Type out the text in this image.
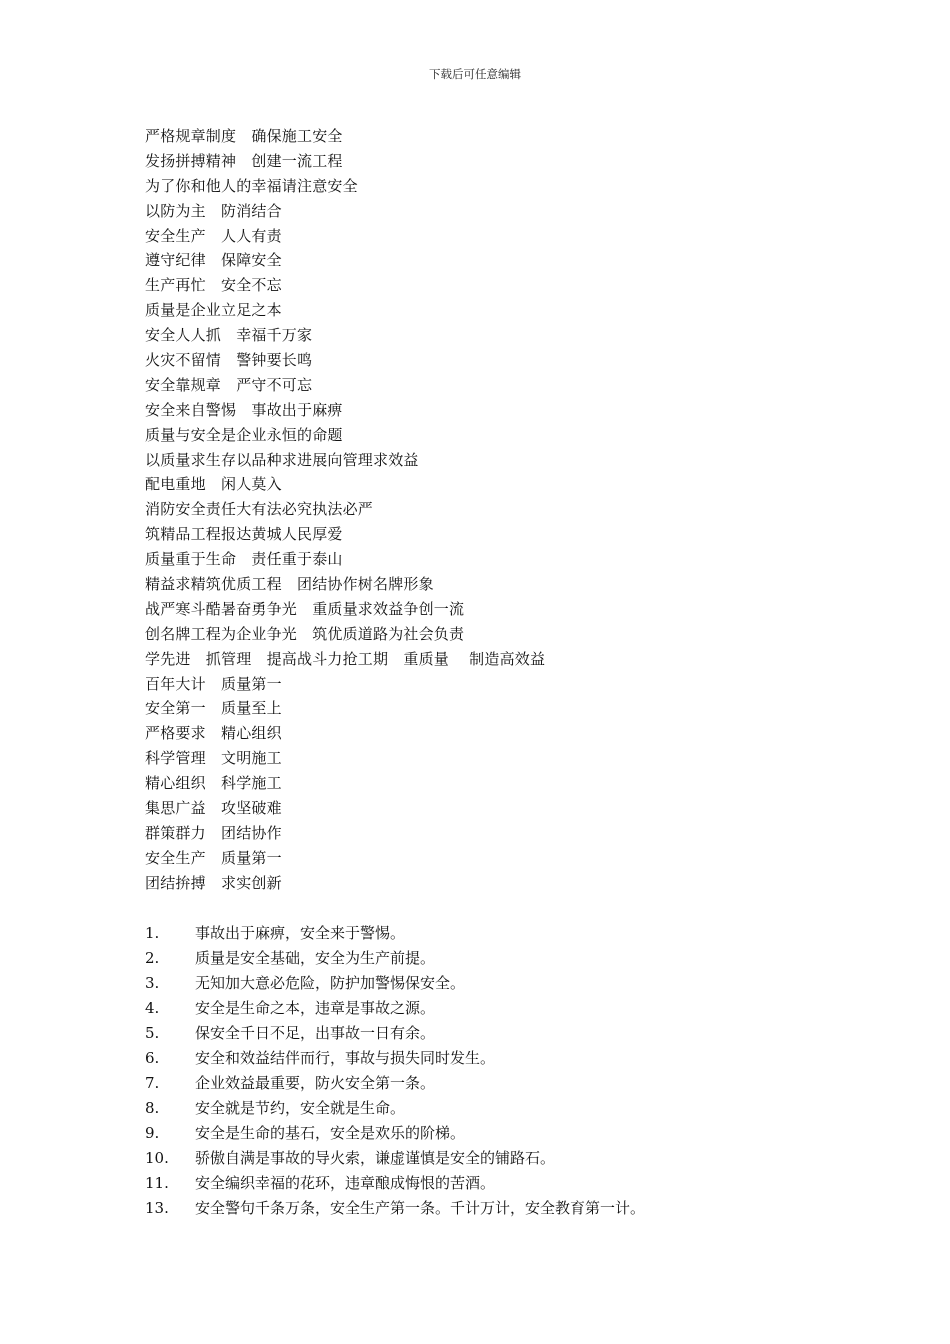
下载后可任意编辑
严格规章制度　确保施工安全
发扬拼搏精神　创建一流工程
为了你和他人的幸福请注意安全
以防为主　防消结合
安全生产　人人有责
遵守纪律　保障安全
生产再忙　安全不忘
质量是企业立足之本
安全人人抓　幸福千万家
火灾不留情　警钟要长鸣
安全靠规章　严守不可忘
安全来自警惕　事故出于麻痹
质量与安全是企业永恒的命题
以质量求生存以品种求进展向管理求效益
配电重地　闲人莫入
消防安全责任大有法必究执法必严
筑精品工程报达黄城人民厚爱
质量重于生命　责任重于泰山
精益求精筑优质工程　团结协作树名牌形象
战严寒斗酷暑奋勇争光　重质量求效益争创一流
创名牌工程为企业争光　筑优质道路为社会负责
学先进　抓管理　提高战斗力抢工期　重质量　 制造高效益
百年大计　质量第一
安全第一　质量至上
严格要求　精心组织
科学管理　文明施工
精心组织　科学施工
集思广益　攻坚破难
群策群力　团结协作
安全生产　质量第一
团结拚搏　求实创新
1. 事故出于麻痹，安全来于警惕。
2. 质量是安全基础，安全为生产前提。
3. 无知加大意必危险，防护加警惕保安全。
4. 安全是生命之本，违章是事故之源。
5. 保安全千日不足，出事故一日有余。
6. 安全和效益结伴而行，事故与损失同时发生。
7. 企业效益最重要，防火安全第一条。
8. 安全就是节约，安全就是生命。
9. 安全是生命的基石，安全是欢乐的阶梯。
10. 骄傲自满是事故的导火索，谦虚谨慎是安全的铺路石。
11. 安全编织幸福的花环，违章酿成悔恨的苦酒。
13. 安全警句千条万条，安全生产第一条。千计万计，安全教育第一计。
